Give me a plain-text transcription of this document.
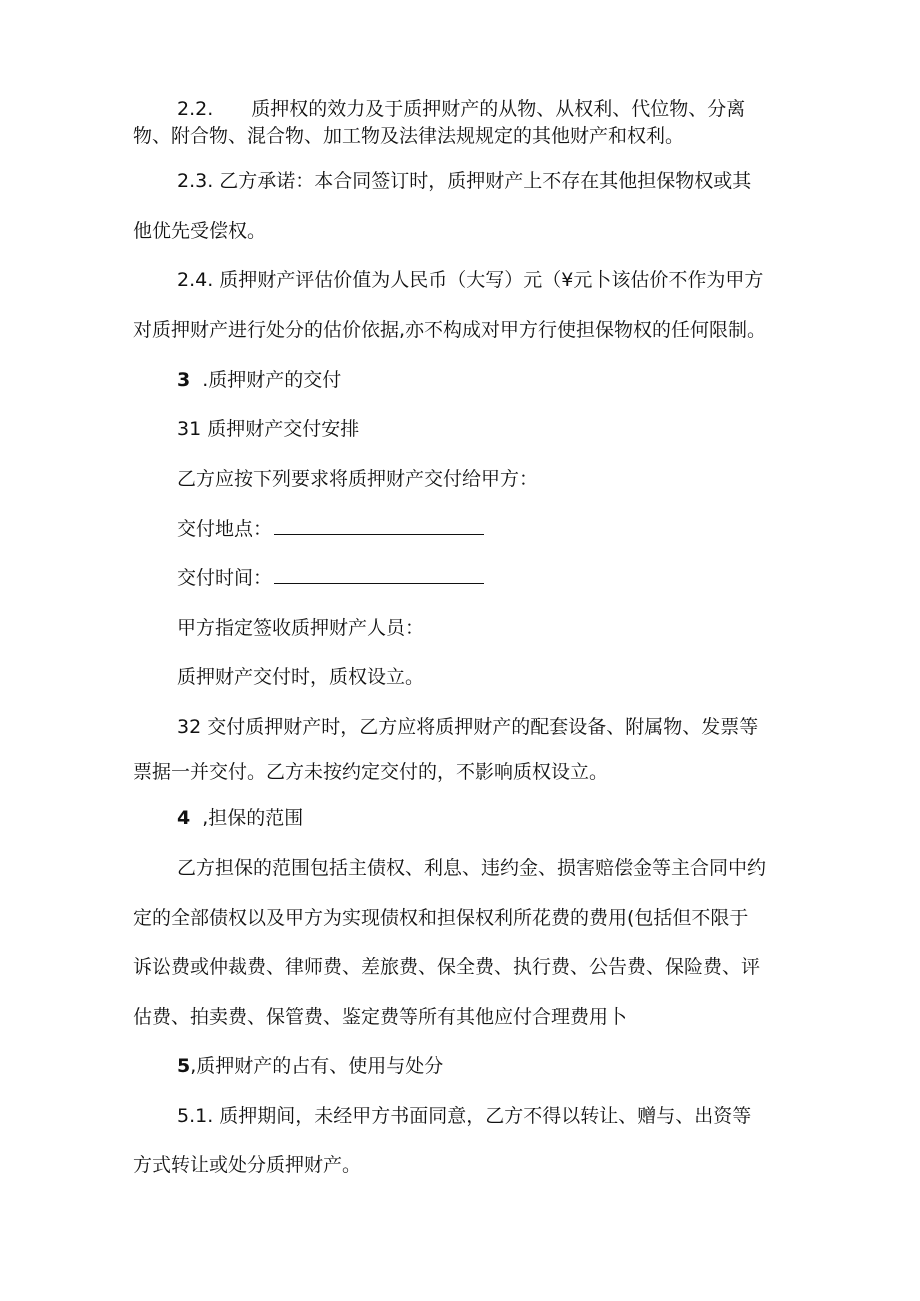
2.2. 质押权的效力及于质押财产的从物、从权利、代位物、分离
物、附合物、混合物、加工物及法律法规规定的其他财产和权利。
2.3. 乙方承诺：本合同签订时，质押财产上不存在其他担保物权或其
他优先受偿权。
2.4. 质押财产评估价值为人民币（大写）元（¥元卜该估价不作为甲方
对质押财产进行处分的估价依据,亦不构成对甲方行使担保物权的任何限制。
3 .质押财产的交付
31 质押财产交付安排
乙方应按下列要求将质押财产交付给甲方：
交付地点：
交付时间：
甲方指定签收质押财产人员：
质押财产交付时，质权设立。
32 交付质押财产时，乙方应将质押财产的配套设备、附属物、发票等
票据一并交付。乙方未按约定交付的，不影响质权设立。
4 ,担保的范围
乙方担保的范围包括主债权、利息、违约金、损害赔偿金等主合同中约
定的全部债权以及甲方为实现债权和担保权利所花费的费用(包括但不限于
诉讼费或仲裁费、律师费、差旅费、保全费、执行费、公告费、保险费、评
估费、拍卖费、保管费、鉴定费等所有其他应付合理费用卜
5,质押财产的占有、使用与处分
5.1. 质押期间，未经甲方书面同意，乙方不得以转让、赠与、出资等
方式转让或处分质押财产。
